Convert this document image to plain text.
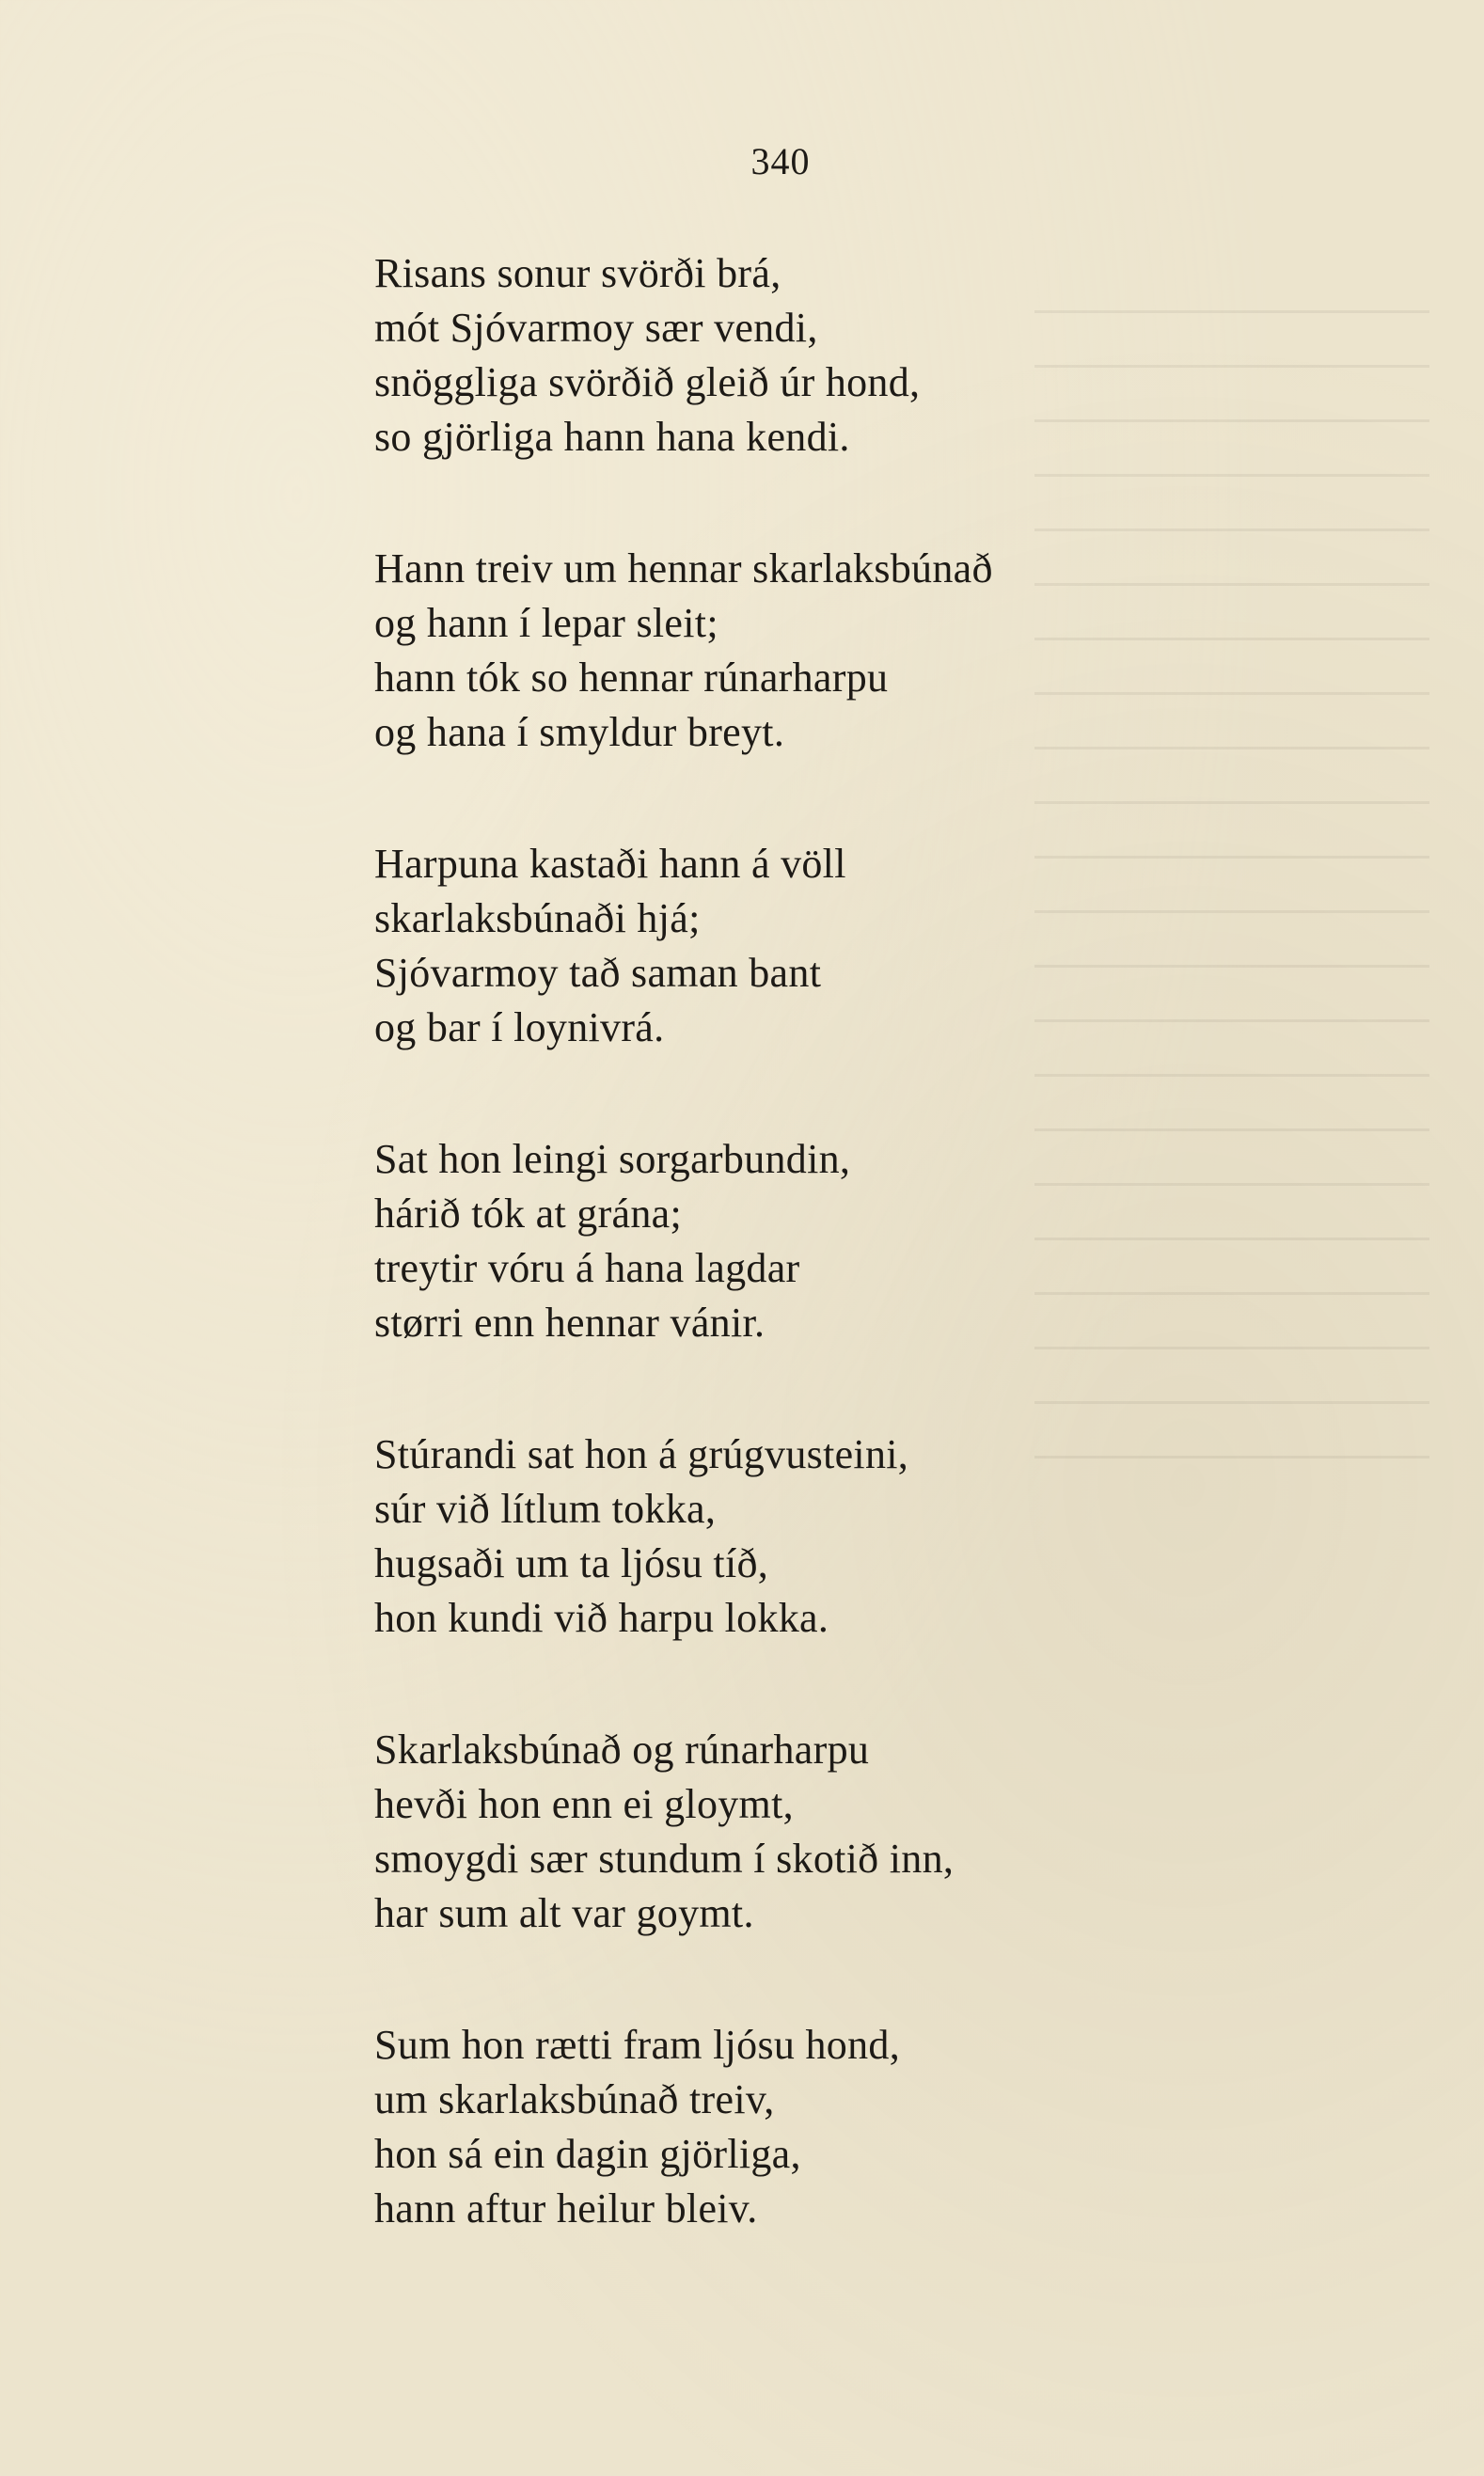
340
Risans sonur svörði brá,
mót Sjóvarmoy sær vendi,
snöggliga svörðið gleið úr hond,
so gjörliga hann hana kendi.
Hann treiv um hennar skarlaksbúnað
og hann í lepar sleit;
hann tók so hennar rúnarharpu
og hana í smyldur breyt.
Harpuna kastaði hann á völl
skarlaksbúnaði hjá;
Sjóvarmoy tað saman bant
og bar í loynivrá.
Sat hon leingi sorgarbundin,
hárið tók at grána;
treytir vóru á hana lagdar
størri enn hennar vánir.
Stúrandi sat hon á grúgvusteini,
súr við lítlum tokka,
hugsaði um ta ljósu tíð,
hon kundi við harpu lokka.
Skarlaksbúnað og rúnarharpu
hevði hon enn ei gloymt,
smoygdi sær stundum í skotið inn,
har sum alt var goymt.
Sum hon rætti fram ljósu hond,
um skarlaksbúnað treiv,
hon sá ein dagin gjörliga,
hann aftur heilur bleiv.
